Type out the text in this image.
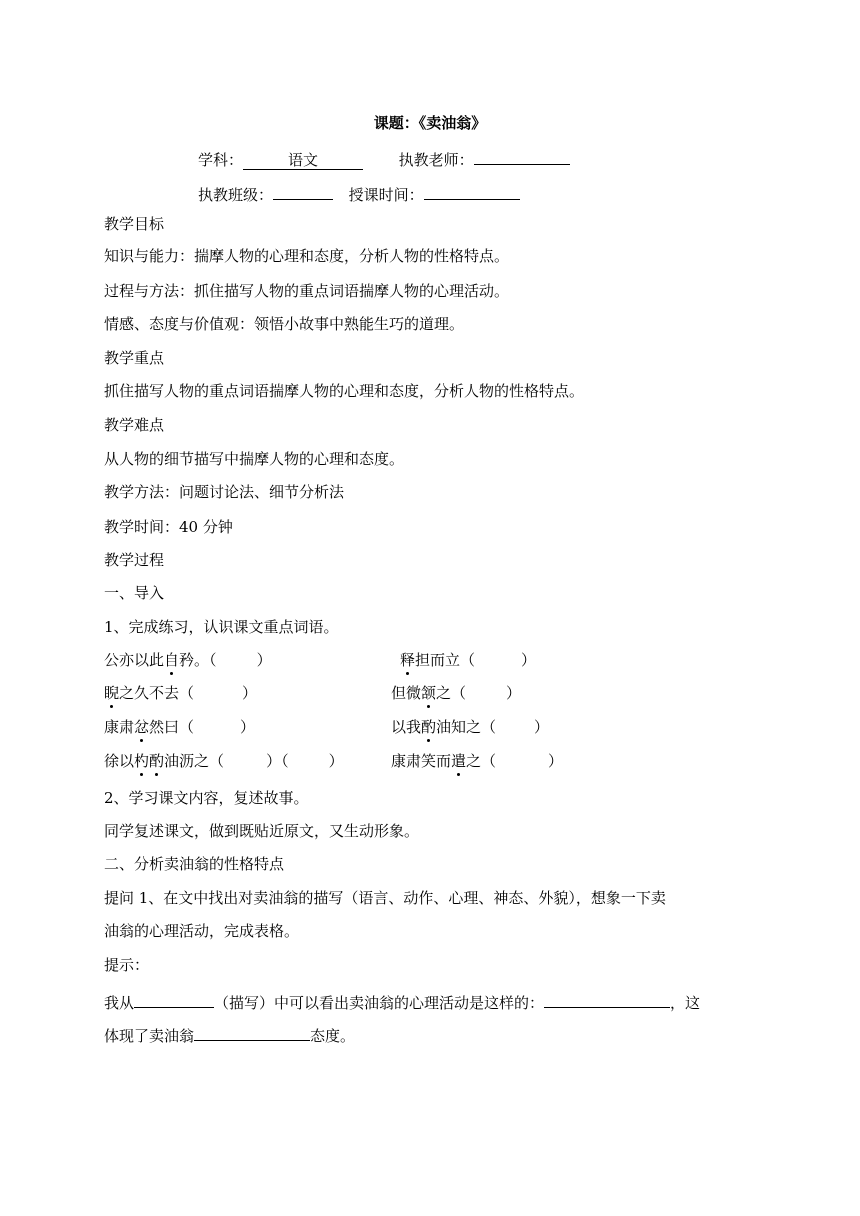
课题：《卖油翁》
学科：	语文	执教老师：
执教班级：	授课时间：
教学目标
知识与能力：揣摩人物的心理和态度，分析人物的性格特点。
过程与方法：抓住描写人物的重点词语揣摩人物的心理活动。
情感、态度与价值观：领悟小故事中熟能生巧的道理。
教学重点
抓住描写人物的重点词语揣摩人物的心理和态度，分析人物的性格特点。
教学难点
从人物的细节描写中揣摩人物的心理和态度。
教学方法：问题讨论法、细节分析法
教学时间：40 分钟
教学过程
一、导入
1、完成练习，认识课文重点词语。
公亦以此自矜。（	）	释担而立（	）
睨之久不去（	）	但微颔之（	）
康肃忿然曰（	）	以我酌油知之（	）
徐以杓酌油沥之（	）（	）	康肃笑而遣之（	）
2、学习课文内容，复述故事。
同学复述课文，做到既贴近原文，又生动形象。
二、分析卖油翁的性格特点
提问 1、在文中找出对卖油翁的描写（语言、动作、心理、神态、外貌），想象一下卖
油翁的心理活动，完成表格。
提示：
我从	（描写）中可以看出卖油翁的心理活动是这样的：	，这
体现了卖油翁	态度。
